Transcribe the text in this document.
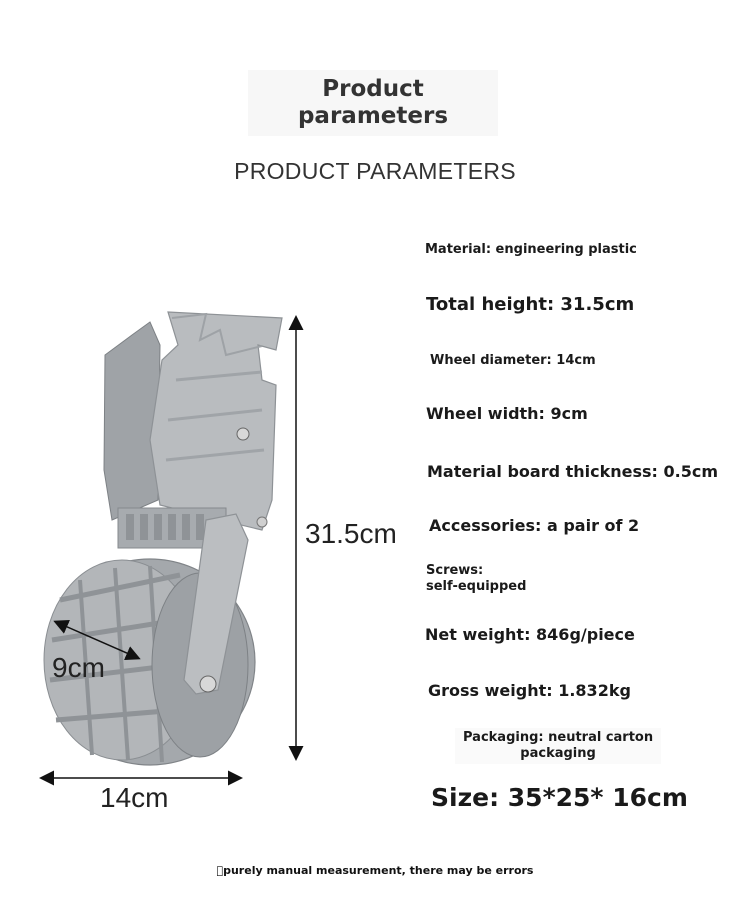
Product
parameters
PRODUCT PARAMETERS
31.5cm
9cm
14cm
Material: engineering plastic
Total height: 31.5cm
Wheel diameter: 14cm
Wheel width: 9cm
Material board thickness: 0.5cm
Accessories: a pair of 2
Screws:
self-equipped
Net weight: 846g/piece
Gross weight: 1.832kg
Packaging: neutral carton
packaging
Size: 35*25* 16cm
 purely manual measurement, there may be errors
